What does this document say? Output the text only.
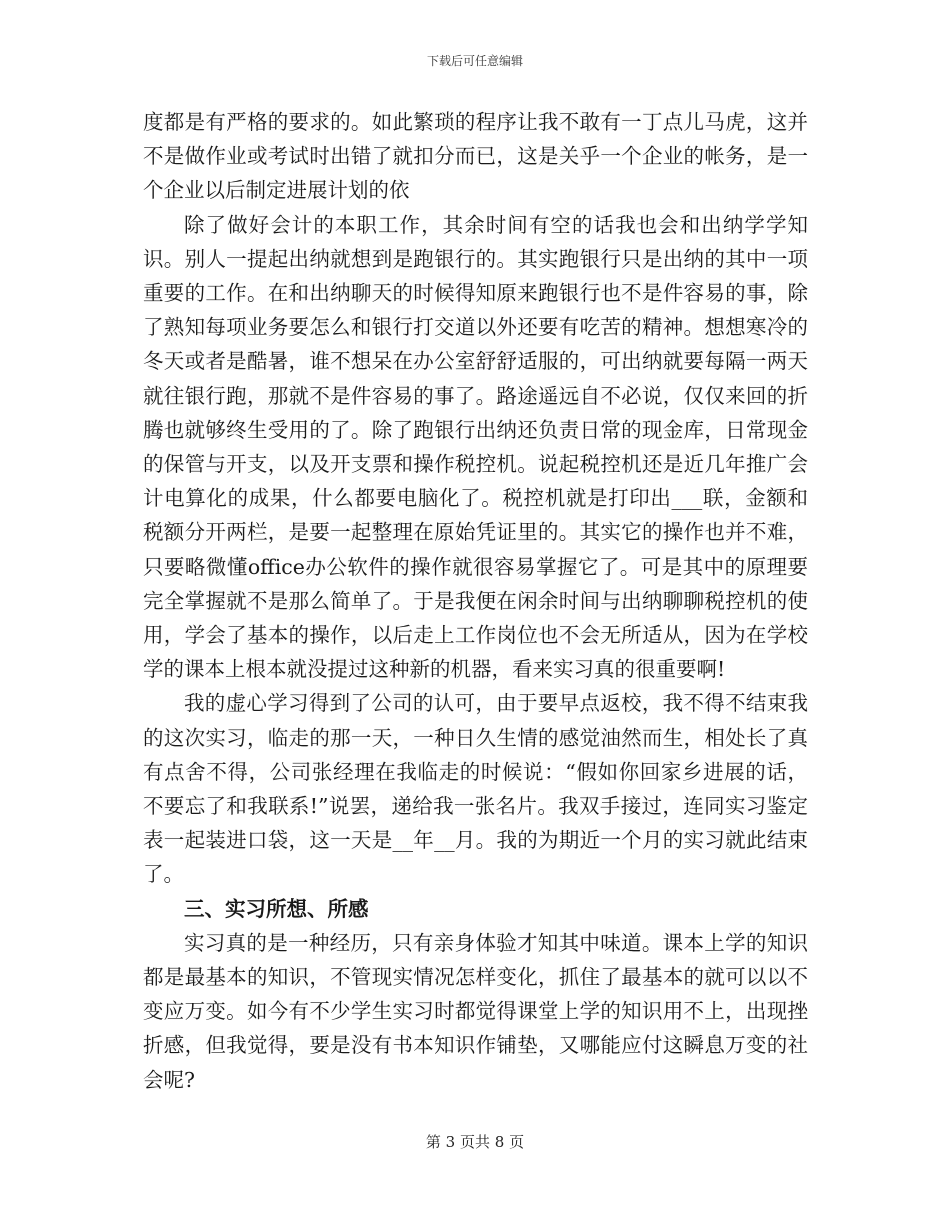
下载后可任意编辑

度都是有严格的要求的。如此繁琐的程序让我不敢有一丁点儿马虎，这并不是做作业或考试时出错了就扣分而已，这是关乎一个企业的帐务，是一个企业以后制定进展计划的依

除了做好会计的本职工作，其余时间有空的话我也会和出纳学学知识。别人一提起出纳就想到是跑银行的。其实跑银行只是出纳的其中一项重要的工作。在和出纳聊天的时候得知原来跑银行也不是件容易的事，除了熟知每项业务要怎么和银行打交道以外还要有吃苦的精神。想想寒冷的冬天或者是酷暑，谁不想呆在办公室舒舒适服的，可出纳就要每隔一两天就往银行跑，那就不是件容易的事了。路途遥远自不必说，仅仅来回的折腾也就够终生受用的了。除了跑银行出纳还负责日常的现金库，日常现金的保管与开支，以及开支票和操作税控机。说起税控机还是近几年推广会计电算化的成果，什么都要电脑化了。税控机就是打印出___联，金额和税额分开两栏，是要一起整理在原始凭证里的。其实它的操作也并不难，只要略微懂office办公软件的操作就很容易掌握它了。可是其中的原理要完全掌握就不是那么简单了。于是我便在闲余时间与出纳聊聊税控机的使用，学会了基本的操作，以后走上工作岗位也不会无所适从，因为在学校学的课本上根本就没提过这种新的机器，看来实习真的很重要啊!

我的虚心学习得到了公司的认可，由于要早点返校，我不得不结束我的这次实习，临走的那一天，一种日久生情的感觉油然而生，相处长了真有点舍不得，公司张经理在我临走的时候说：“假如你回家乡进展的话，不要忘了和我联系!”说罢，递给我一张名片。我双手接过，连同实习鉴定表一起装进口袋，这一天是__年__月。我的为期近一个月的实习就此结束了。

三、实习所想、所感

实习真的是一种经历，只有亲身体验才知其中味道。课本上学的知识都是最基本的知识，不管现实情况怎样变化，抓住了最基本的就可以以不变应万变。如今有不少学生实习时都觉得课堂上学的知识用不上，出现挫折感，但我觉得，要是没有书本知识作铺垫，又哪能应付这瞬息万变的社会呢?

第 3 页共 8 页
